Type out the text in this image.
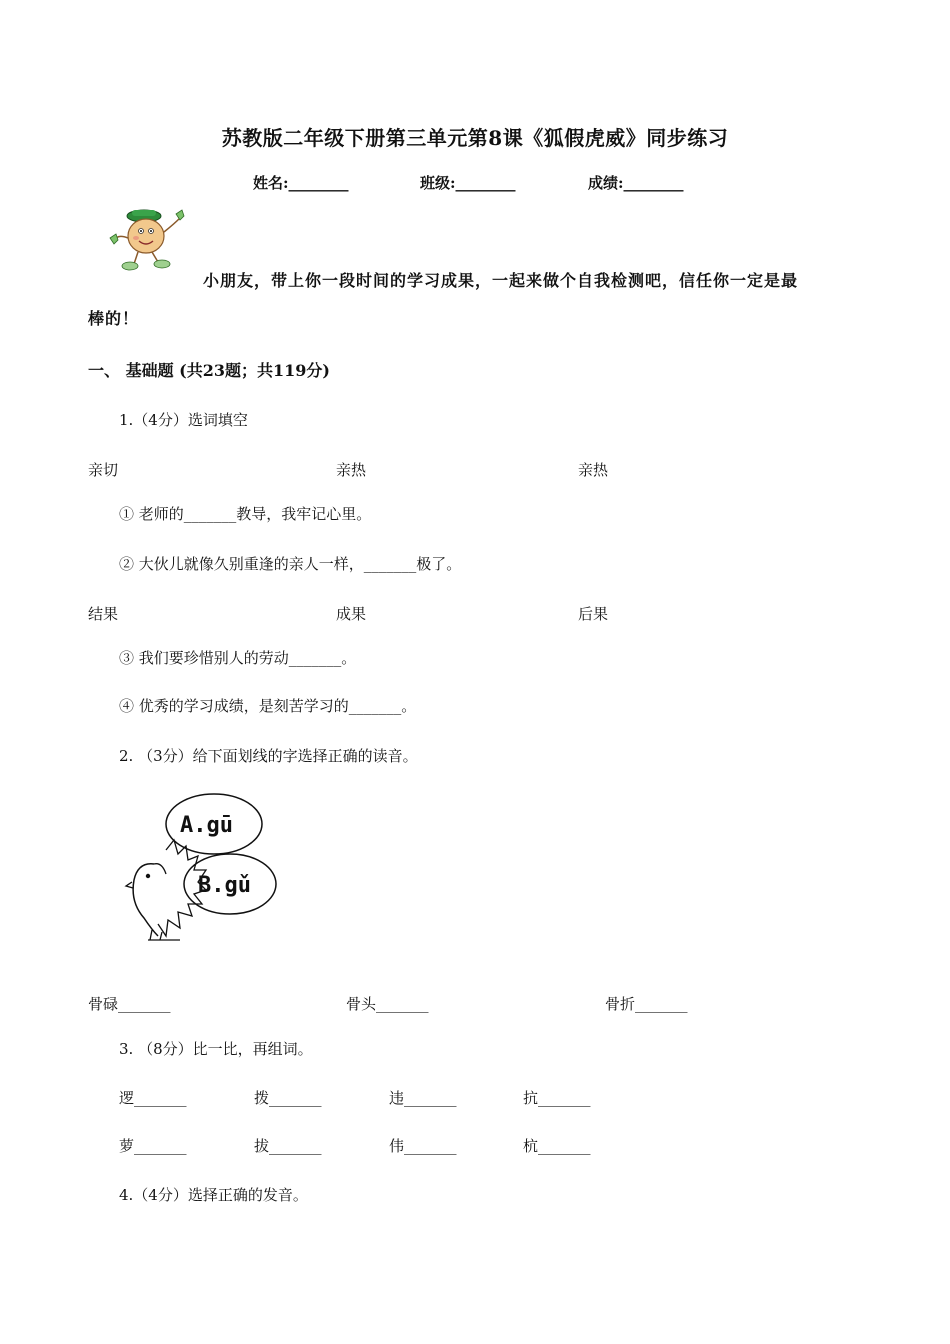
苏教版二年级下册第三单元第8课《狐假虎威》同步练习
姓名:________	班级:________	成绩:________
小朋友，带上你一段时间的学习成果，一起来做个自我检测吧，信任你一定是最
棒的！
一、 基础题 (共23题；共119分)
1.（4分）选词填空
亲切	亲热	亲热
① 老师的_______教导，我牢记心里。
② 大伙儿就像久别重逢的亲人一样，_______极了。
结果	成果	后果
③ 我们要珍惜别人的劳动_______。
④ 优秀的学习成绩，是刻苦学习的_______。
2. （3分）给下面划线的字选择正确的读音。
A.gū
B.gǔ
骨碌_______	骨头_______	骨折_______
3. （8分）比一比，再组词。
逻_______	拨_______	违_______	抗_______
萝_______	拔_______	伟_______	杭_______
4.（4分）选择正确的发音。
